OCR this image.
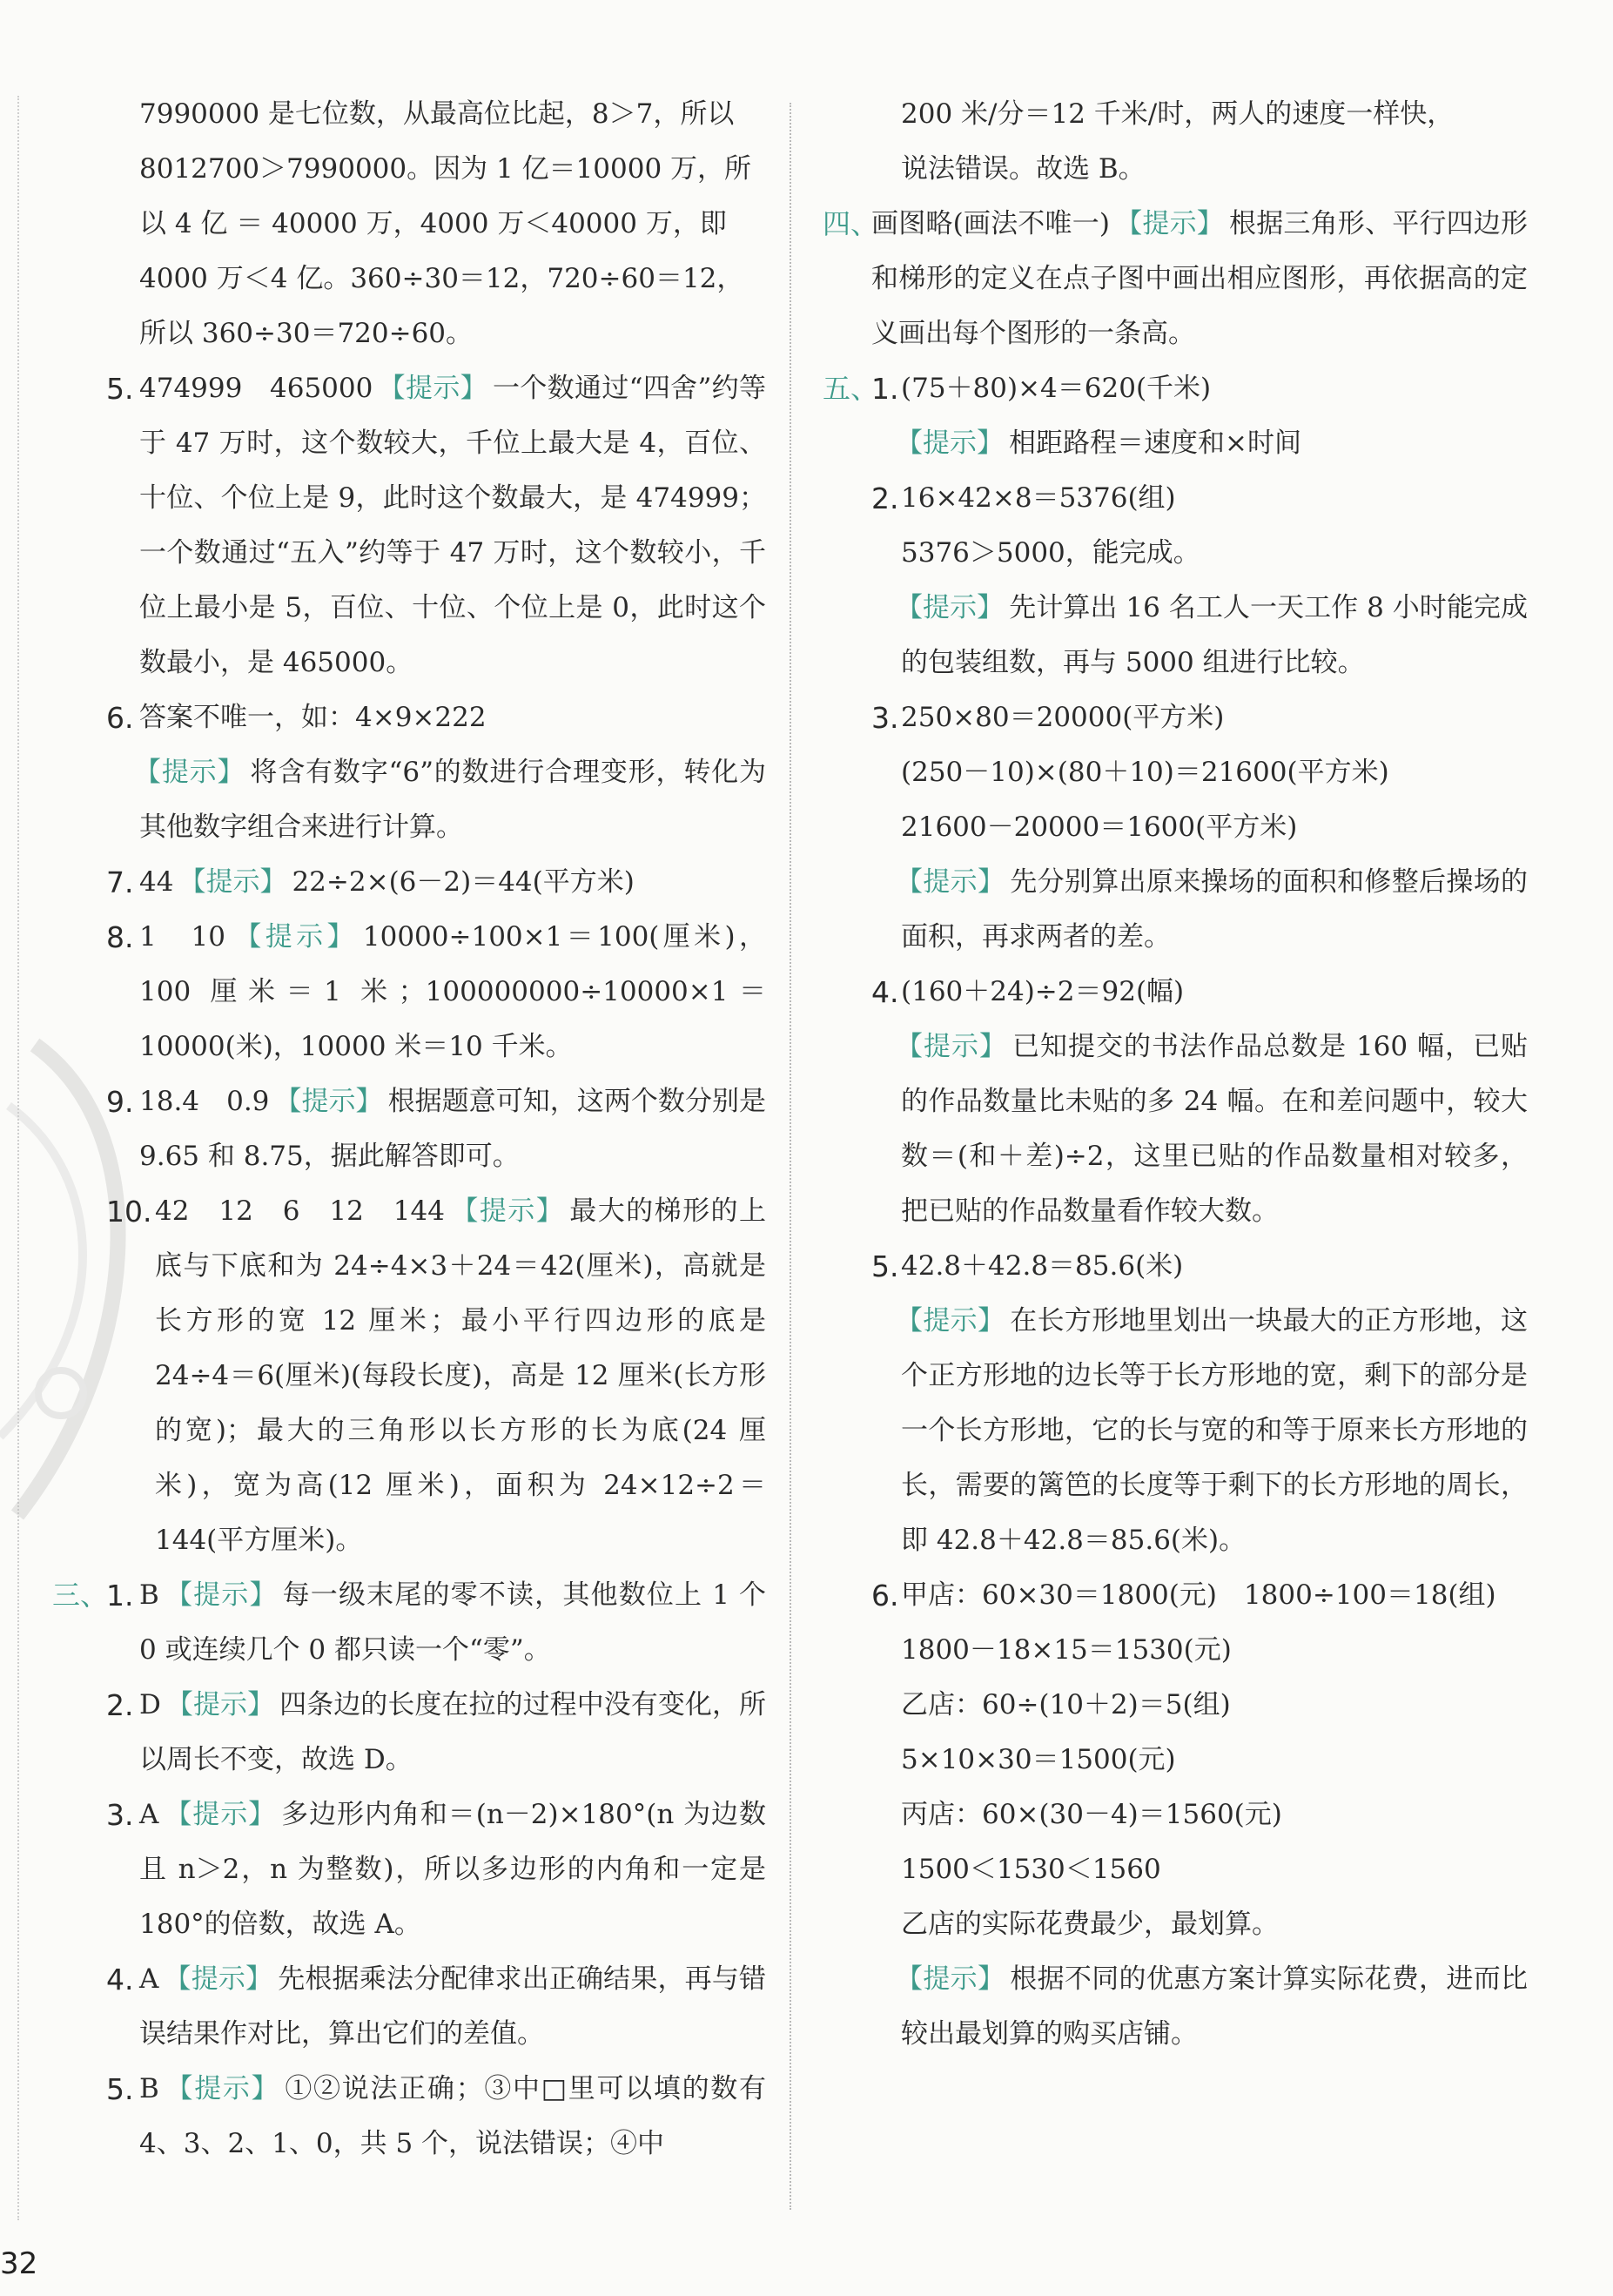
7990000 是七位数，从最高位比起，8＞7，所以
8012700＞7990000。因为 1 亿＝10000 万，所
以 4 亿 ＝ 40000 万，4000 万＜40000 万，即
4000 万＜4 亿。360÷30＝12，720÷60＝12，
所以 360÷30＝720÷60。
5. 474999　465000 【提示】 一个数通过“四舍”约等于 47 万时，这个数较大，千位上最大是 4，百位、十位、个位上是 9，此时这个数最大，是 474999；一个数通过“五入”约等于 47 万时，这个数较小，千位上最小是 5，百位、十位、个位上是 0，此时这个数最小，是 465000。
6. 答案不唯一，如：4×9×222
【提示】 将含有数字“6”的数进行合理变形，转化为其他数字组合来进行计算。
7. 44 【提示】 22÷2×(6－2)＝44(平方米)
8. 1　10 【提示】 10000÷100×1＝100(厘米)，100 厘米＝1 米；100000000÷10000×1＝10000(米)，10000 米＝10 千米。
9. 18.4　0.9 【提示】 根据题意可知，这两个数分别是 9.65 和 8.75，据此解答即可。
10. 42　12　6　12　144 【提示】 最大的梯形的上底与下底和为 24÷4×3＋24＝42(厘米)，高就是长方形的宽 12 厘米；最小平行四边形的底是 24÷4＝6(厘米)(每段长度)，高是 12 厘米(长方形的宽)；最大的三角形以长方形的长为底(24 厘米)，宽为高(12 厘米)，面积为 24×12÷2＝144(平方厘米)。
三、
1. B 【提示】 每一级末尾的零不读，其他数位上 1 个 0 或连续几个 0 都只读一个“零”。
2. D 【提示】 四条边的长度在拉的过程中没有变化，所以周长不变，故选 D。
3. A 【提示】 多边形内角和＝(n－2)×180°(n 为边数且 n＞2，n 为整数)，所以多边形的内角和一定是 180°的倍数，故选 A。
4. A 【提示】 先根据乘法分配律求出正确结果，再与错误结果作对比，算出它们的差值。
5. B 【提示】 ①②说法正确；③中□里可以填的数有 4、3、2、1、0，共 5 个，说法错误；④中
200 米/分＝12 千米/时，两人的速度一样快，
说法错误。故选 B。
四、
画图略(画法不唯一) 【提示】 根据三角形、平行四边形和梯形的定义在点子图中画出相应图形，再依据高的定义画出每个图形的一条高。
五、
1. (75＋80)×4＝620(千米)
【提示】 相距路程＝速度和×时间
2. 16×42×8＝5376(组)
5376＞5000，能完成。
【提示】 先计算出 16 名工人一天工作 8 小时能完成的包装组数，再与 5000 组进行比较。
3. 250×80＝20000(平方米)
(250－10)×(80＋10)＝21600(平方米)
21600－20000＝1600(平方米)
【提示】 先分别算出原来操场的面积和修整后操场的面积，再求两者的差。
4. (160＋24)÷2＝92(幅)
【提示】 已知提交的书法作品总数是 160 幅，已贴的作品数量比未贴的多 24 幅。在和差问题中，较大数＝(和＋差)÷2，这里已贴的作品数量相对较多，把已贴的作品数量看作较大数。
5. 42.8＋42.8＝85.6(米)
【提示】 在长方形地里划出一块最大的正方形地，这个正方形地的边长等于长方形地的宽，剩下的部分是一个长方形地，它的长与宽的和等于原来长方形地的长，需要的篱笆的长度等于剩下的长方形地的周长，即 42.8＋42.8＝85.6(米)。
6. 甲店：60×30＝1800(元)　1800÷100＝18(组)
1800－18×15＝1530(元)
乙店：60÷(10＋2)＝5(组)
5×10×30＝1500(元)
丙店：60×(30－4)＝1560(元)
1500＜1530＜1560
乙店的实际花费最少，最划算。
【提示】 根据不同的优惠方案计算实际花费，进而比较出最划算的购买店铺。
32
